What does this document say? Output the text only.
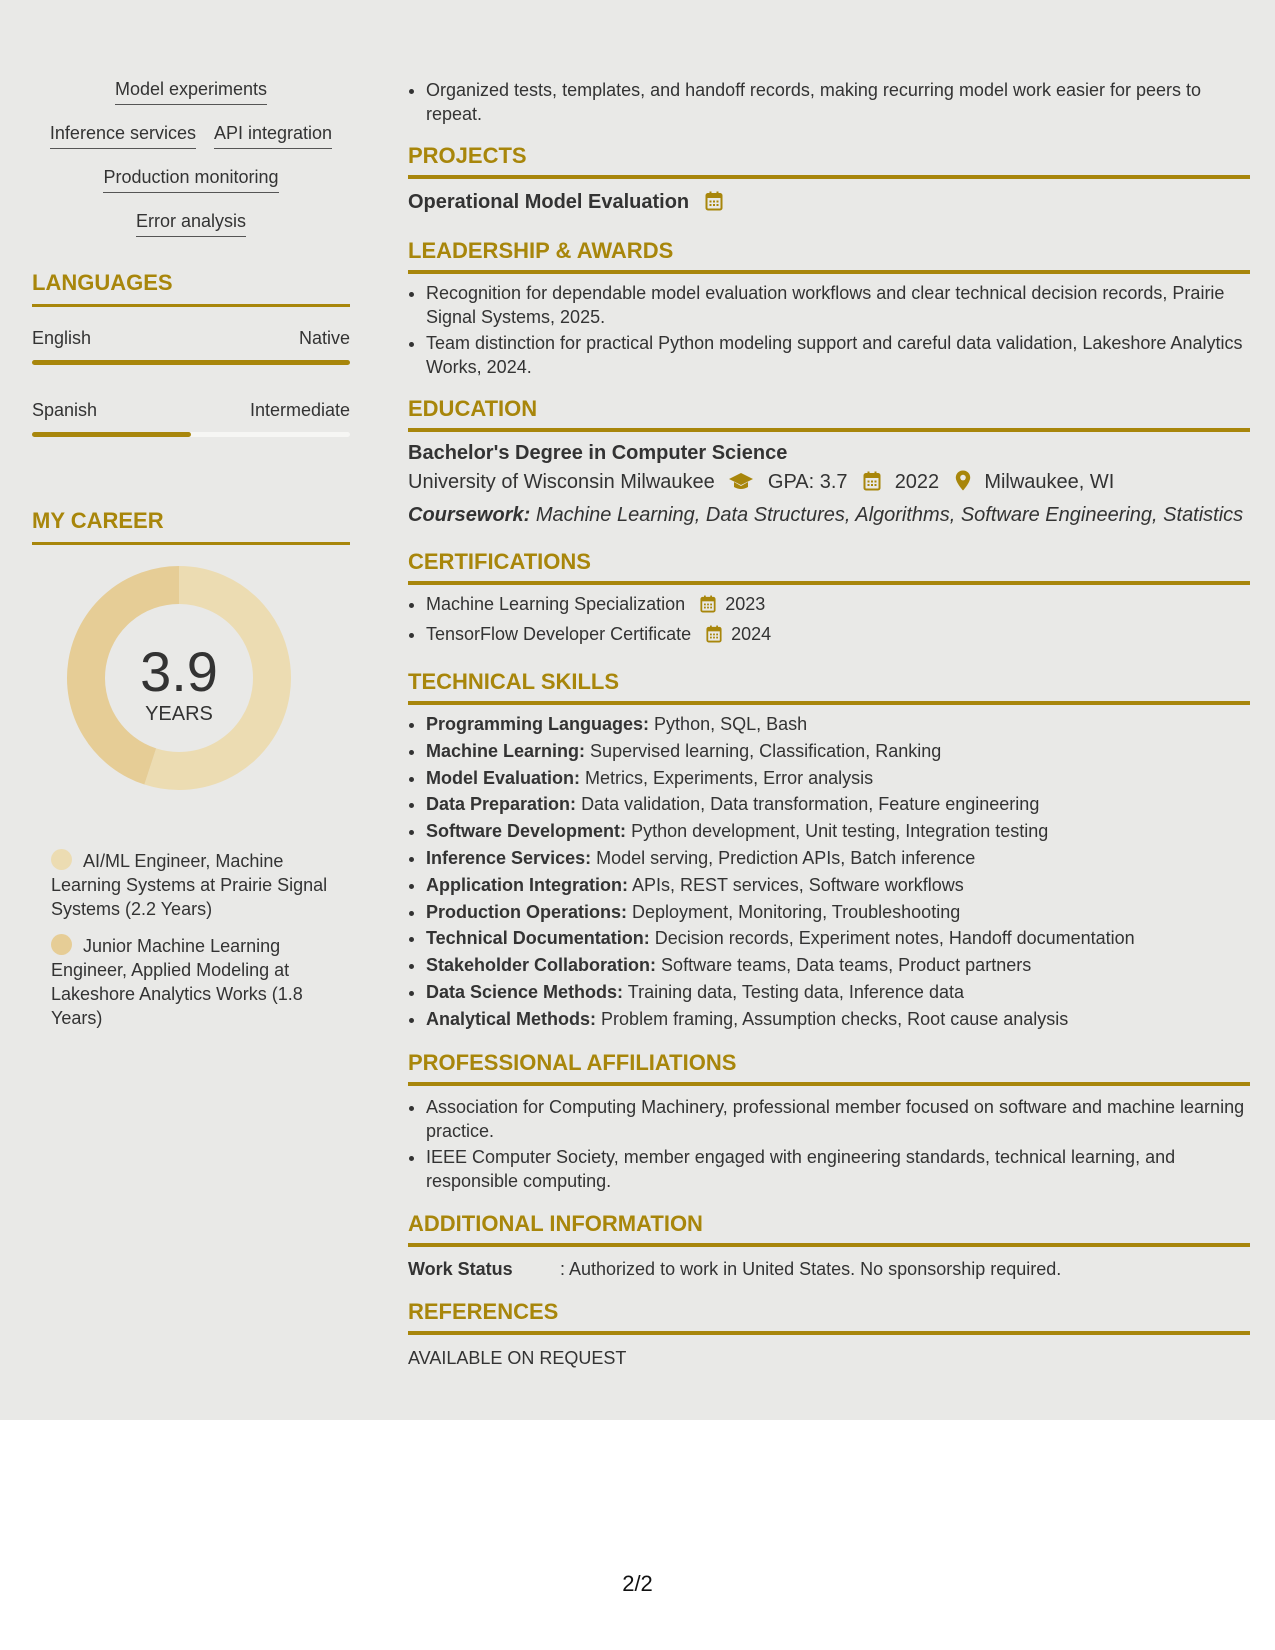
Model experiments
Inference services API integration
Production monitoring
Error analysis
LANGUAGES
English	Native
Spanish	Intermediate
MY CAREER
3.9
YEARS
AI/ML Engineer, Machine Learning Systems at Prairie Signal Systems (2.2 Years)
Junior Machine Learning Engineer, Applied Modeling at Lakeshore Analytics Works (1.8 Years)
• Organized tests, templates, and handoff records, making recurring model work easier for peers to repeat.
PROJECTS
Operational Model Evaluation
LEADERSHIP & AWARDS
• Recognition for dependable model evaluation workflows and clear technical decision records, Prairie Signal Systems, 2025.
• Team distinction for practical Python modeling support and careful data validation, Lakeshore Analytics Works, 2024.
EDUCATION
Bachelor's Degree in Computer Science
University of Wisconsin Milwaukee	GPA: 3.7 2022 Milwaukee, WI
Coursework: Machine Learning, Data Structures, Algorithms, Software Engineering, Statistics
CERTIFICATIONS
• Machine Learning Specialization 2023
• TensorFlow Developer Certificate 2024
TECHNICAL SKILLS
• Programming Languages: Python, SQL, Bash
• Machine Learning: Supervised learning, Classification, Ranking
• Model Evaluation: Metrics, Experiments, Error analysis
• Data Preparation: Data validation, Data transformation, Feature engineering
• Software Development: Python development, Unit testing, Integration testing
• Inference Services: Model serving, Prediction APIs, Batch inference
• Application Integration: APIs, REST services, Software workflows
• Production Operations: Deployment, Monitoring, Troubleshooting
• Technical Documentation: Decision records, Experiment notes, Handoff documentation
• Stakeholder Collaboration: Software teams, Data teams, Product partners
• Data Science Methods: Training data, Testing data, Inference data
• Analytical Methods: Problem framing, Assumption checks, Root cause analysis
PROFESSIONAL AFFILIATIONS
• Association for Computing Machinery, professional member focused on software and machine learning practice.
• IEEE Computer Society, member engaged with engineering standards, technical learning, and responsible computing.
ADDITIONAL INFORMATION
Work Status	: Authorized to work in United States. No sponsorship required.
REFERENCES
AVAILABLE ON REQUEST
2/2
